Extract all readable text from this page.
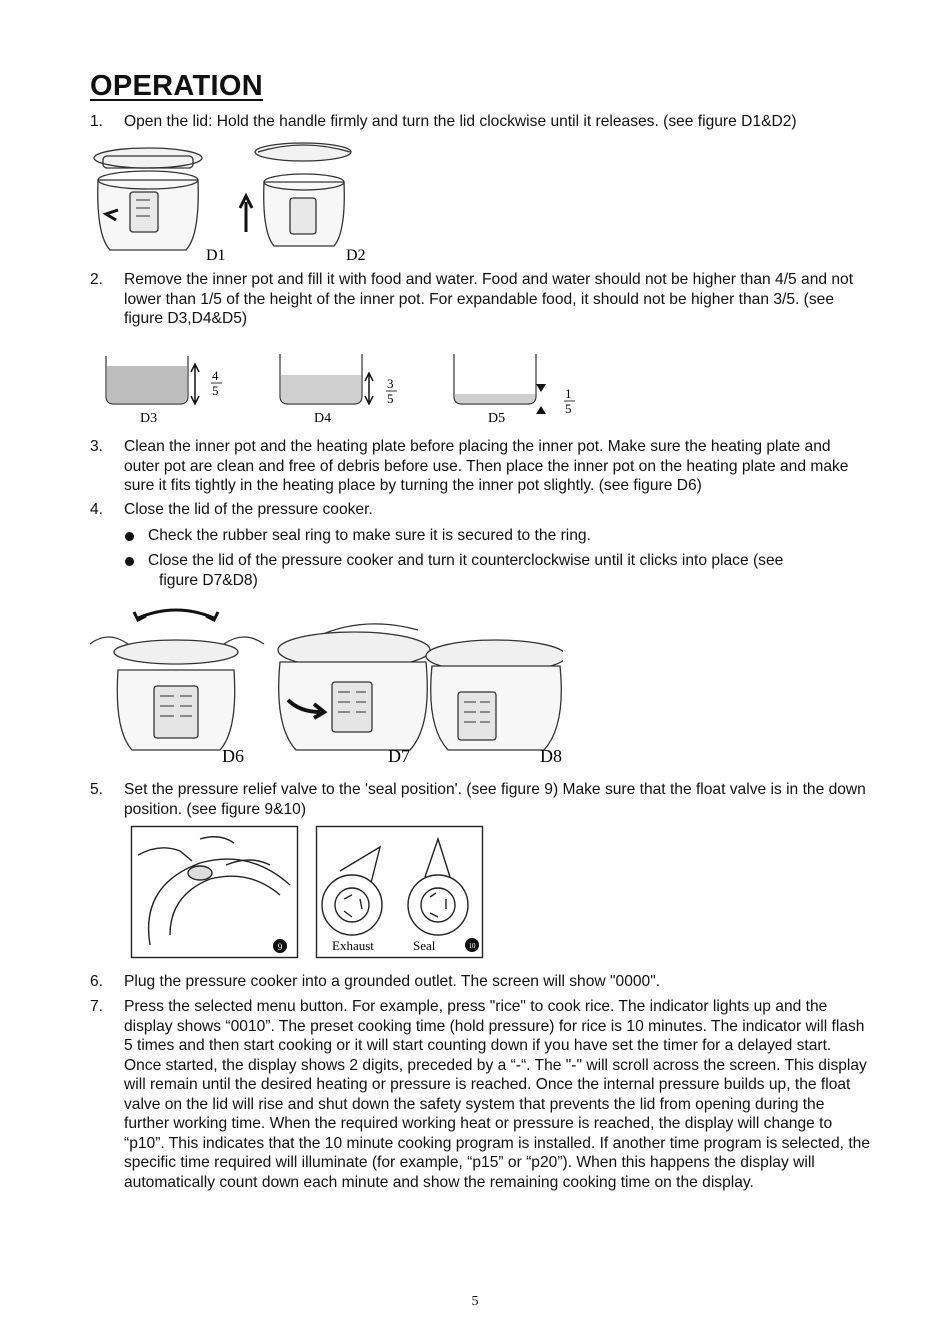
OPERATION
1.	Open the lid: Hold the handle firmly and turn the lid clockwise until it releases. (see figure D1&D2)
D1	D2
2.	Remove the inner pot and fill it with food and water. Food and water should not be higher than 4/5 and not lower than 1/5 of the height of the inner pot. For expandable food, it should not be higher than 3/5. (see figure D3,D4&D5)
4
5
D3
3
5
D4
1
5
D5
3.	Clean the inner pot and the heating plate before placing the inner pot. Make sure the heating plate and outer pot are clean and free of debris before use. Then place the inner pot on the heating plate and make sure it fits tightly in the heating place by turning the inner pot slightly. (see figure D6)
4.	Close the lid of the pressure cooker.
Check the rubber seal ring to make sure it is secured to the ring.
Close the lid of the pressure cooker and turn it counterclockwise until it clicks into place (see
figure D7&D8)
D6	D7	D8
5.	Set the pressure relief valve to the 'seal position'. (see figure 9) Make sure that the float valve is in the down position. (see figure 9&10)
9	Exhaust	Seal	10
6.	Plug the pressure cooker into a grounded outlet. The screen will show "0000".
7.	Press the selected menu button. For example, press "rice" to cook rice. The indicator lights up and the display shows “0010”. The preset cooking time (hold pressure) for rice is 10 minutes. The indicator will flash 5 times and then start cooking or it will start counting down if you have set the timer for a delayed start. Once started, the display shows 2 digits, preceded by a “-“. The "-" will scroll across the screen. This display will remain until the desired heating or pressure is reached. Once the internal pressure builds up, the float valve on the lid will rise and shut down the safety system that prevents the lid from opening during the further working time. When the required working heat or pressure is reached, the display will change to “p10”. This indicates that the 10 minute cooking program is installed. If another time program is selected, the specific time required will illuminate (for example, “p15” or “p20”). When this happens the display will automatically count down each minute and show the remaining cooking time on the display.
5
